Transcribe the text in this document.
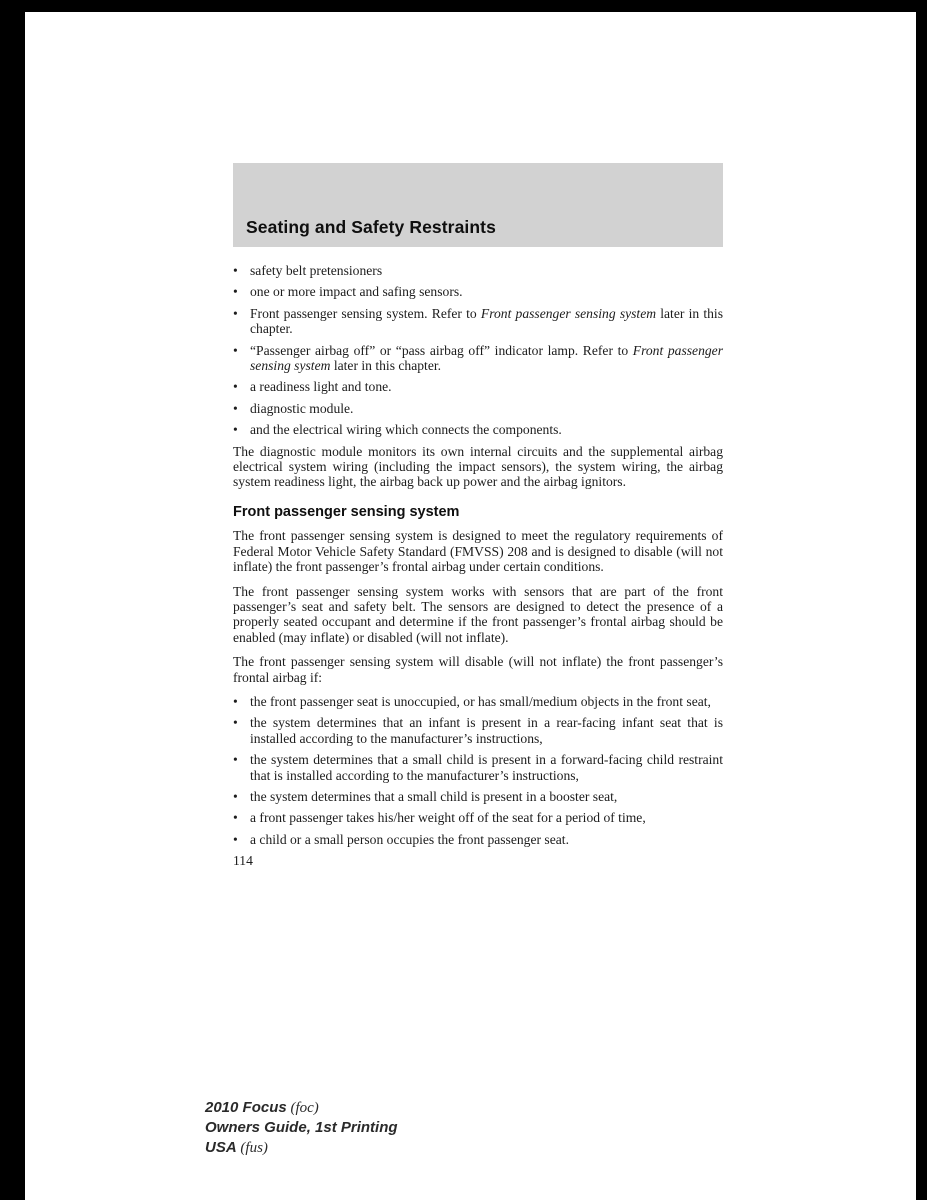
Seating and Safety Restraints
• safety belt pretensioners
• one or more impact and safing sensors.
• Front passenger sensing system. Refer to Front passenger sensing system later in this chapter.
• “Passenger airbag off” or “pass airbag off” indicator lamp. Refer to Front passenger sensing system later in this chapter.
• a readiness light and tone.
• diagnostic module.
• and the electrical wiring which connects the components.

The diagnostic module monitors its own internal circuits and the supplemental airbag electrical system wiring (including the impact sensors), the system wiring, the airbag system readiness light, the airbag back up power and the airbag ignitors.

Front passenger sensing system

The front passenger sensing system is designed to meet the regulatory requirements of Federal Motor Vehicle Safety Standard (FMVSS) 208 and is designed to disable (will not inflate) the front passenger’s frontal airbag under certain conditions.

The front passenger sensing system works with sensors that are part of the front passenger’s seat and safety belt. The sensors are designed to detect the presence of a properly seated occupant and determine if the front passenger’s frontal airbag should be enabled (may inflate) or disabled (will not inflate).

The front passenger sensing system will disable (will not inflate) the front passenger’s frontal airbag if:

• the front passenger seat is unoccupied, or has small/medium objects in the front seat,
• the system determines that an infant is present in a rear-facing infant seat that is installed according to the manufacturer’s instructions,
• the system determines that a small child is present in a forward-facing child restraint that is installed according to the manufacturer’s instructions,
• the system determines that a small child is present in a booster seat,
• a front passenger takes his/her weight off of the seat for a period of time,
• a child or a small person occupies the front passenger seat.
114
2010 Focus (foc)
Owners Guide, 1st Printing
USA (fus)
